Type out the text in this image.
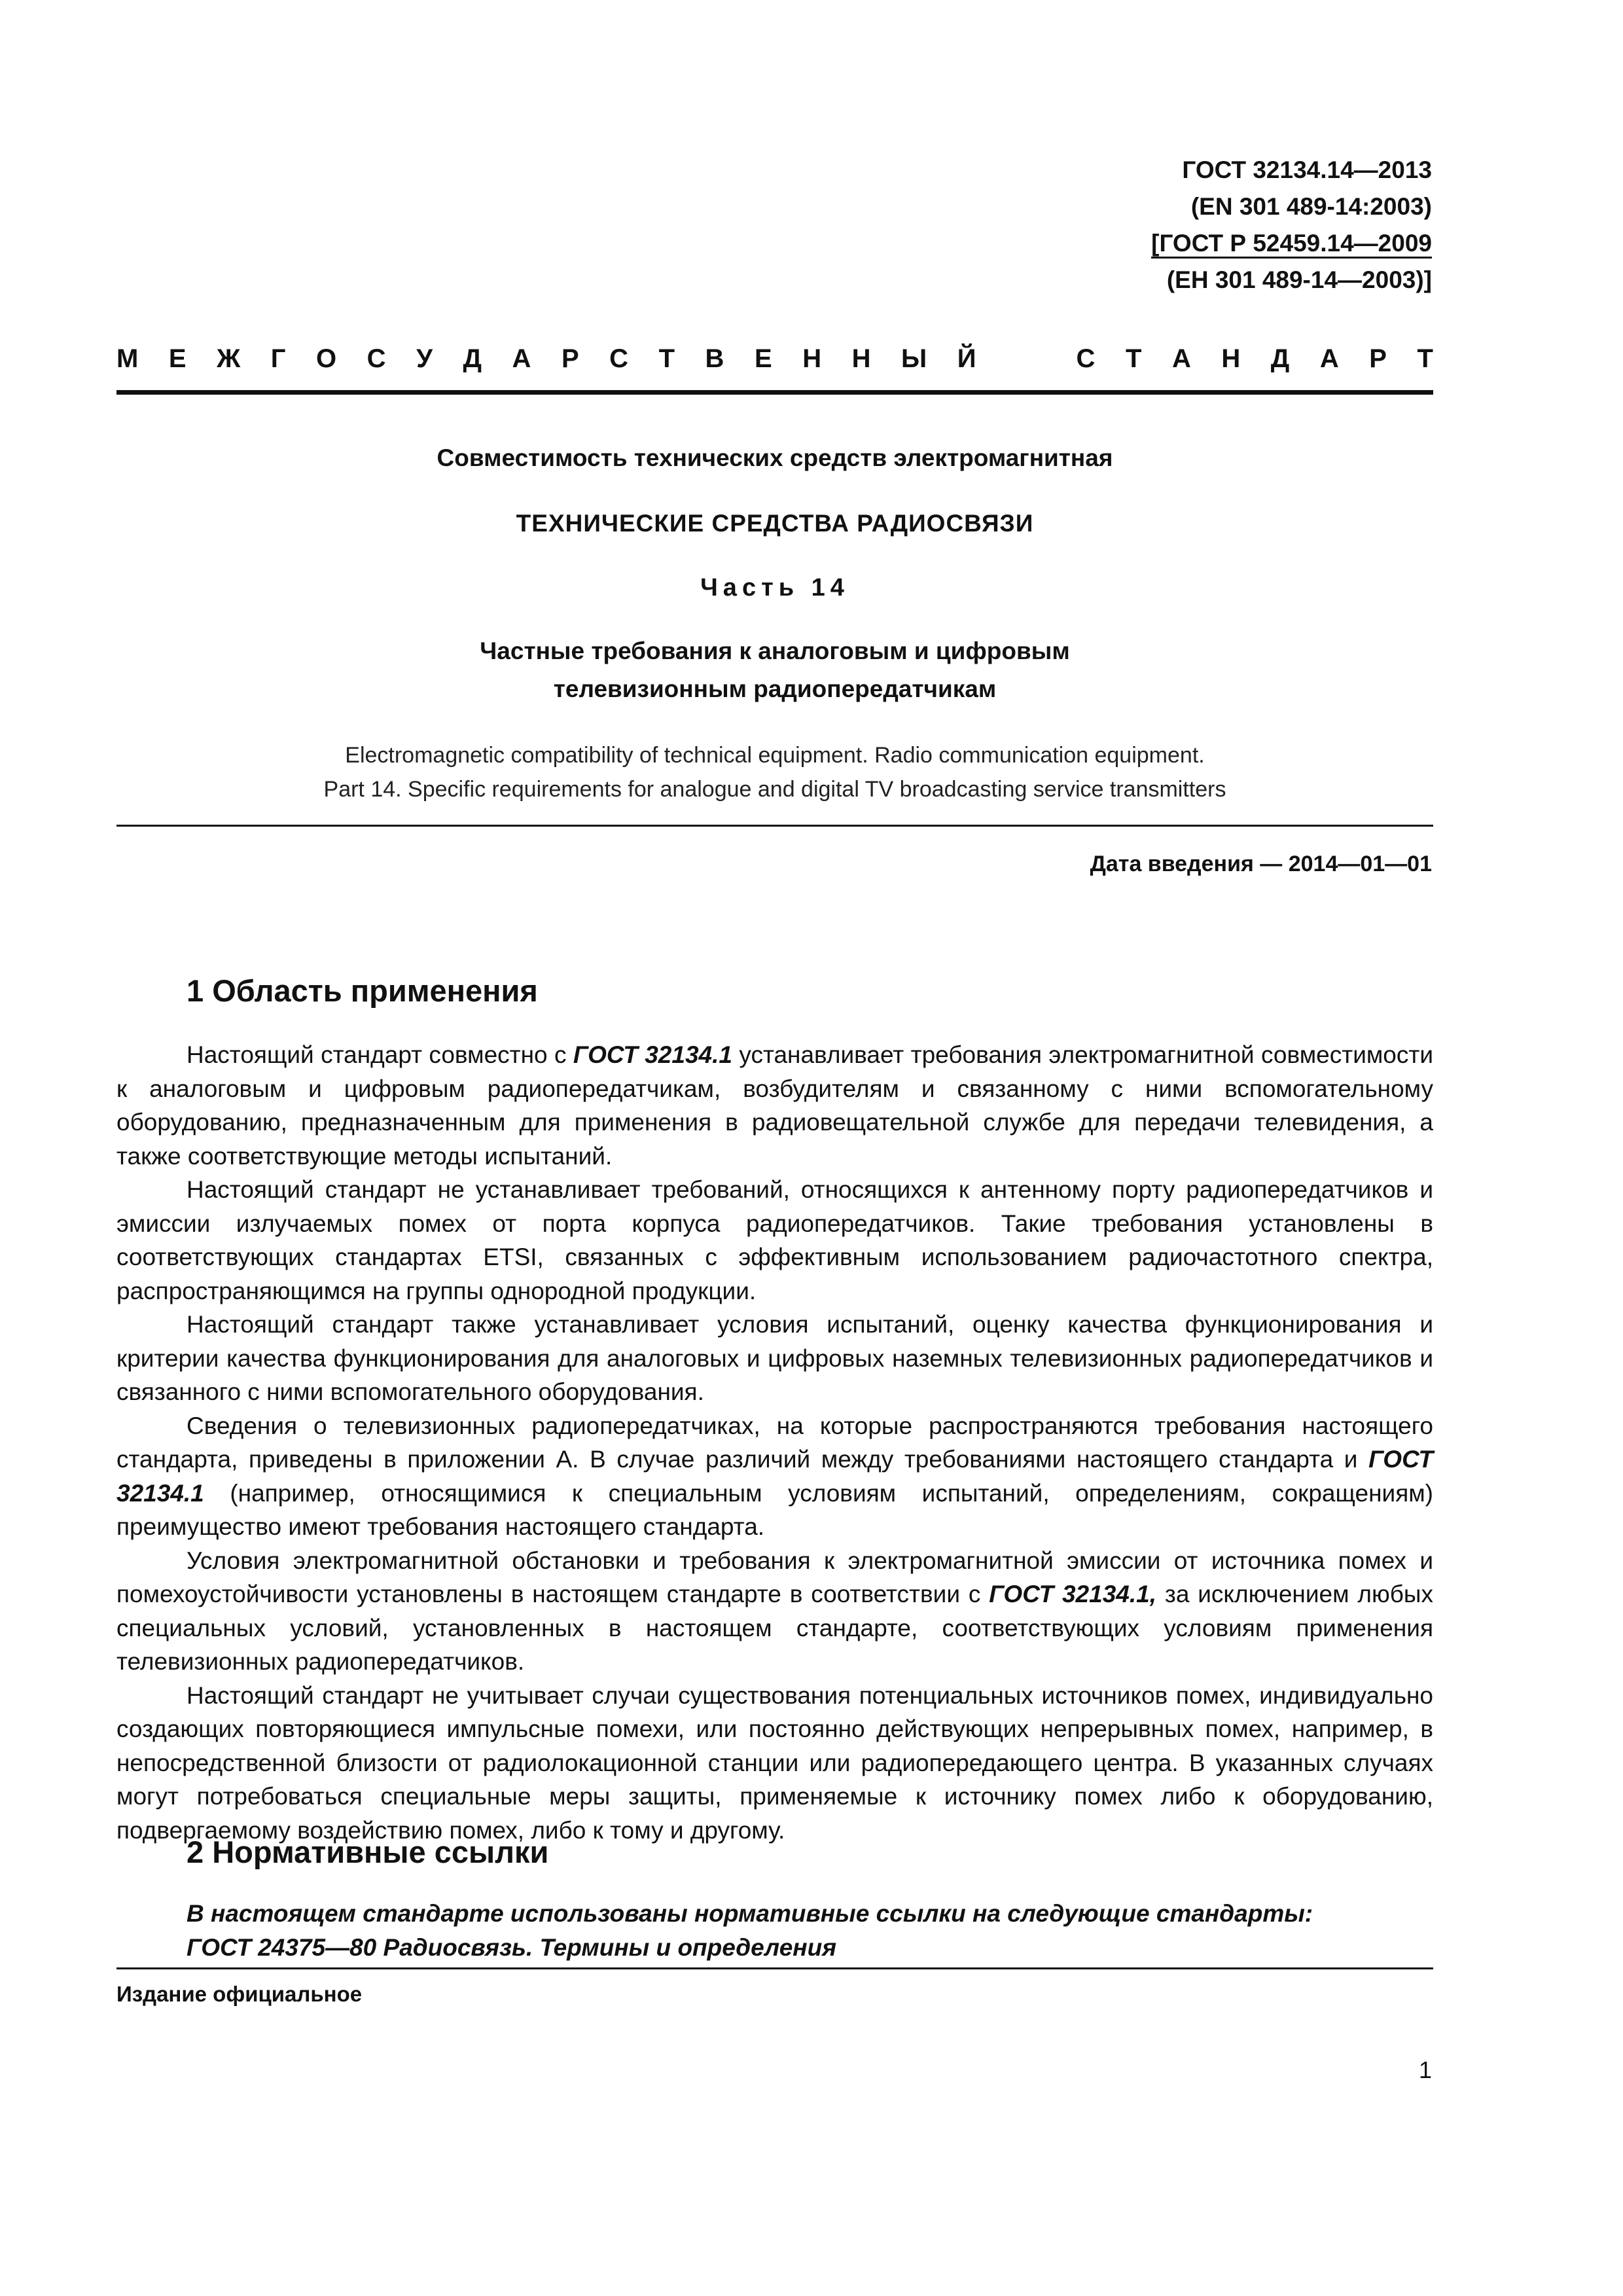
ГОСТ 32134.14—2013
(EN 301 489-14:2003)
[ГОСТ Р 52459.14—2009
(ЕН 301 489-14—2003)]
М Е Ж Г О С У Д А Р С Т В Е Н Н Ы Й	С Т А Н Д А Р Т
Совместимость технических средств электромагнитная
ТЕХНИЧЕСКИЕ СРЕДСТВА РАДИОСВЯЗИ
Часть 14
Частные требования к аналоговым и цифровым
телевизионным радиопередатчикам
Electromagnetic compatibility of technical equipment. Radio communication equipment.
Part 14. Specific requirements for analogue and digital TV broadcasting service transmitters
Дата введения — 2014—01—01
1 Область применения

Настоящий стандарт совместно с ГОСТ 32134.1 устанавливает требования электромагнитной совместимости к аналоговым и цифровым радиопередатчикам, возбудителям и связанному с ними вспомогательному оборудованию, предназначенным для применения в радиовещательной службе для передачи телевидения, а также соответствующие методы испытаний.

Настоящий стандарт не устанавливает требований, относящихся к антенному порту радиопередатчиков и эмиссии излучаемых помех от порта корпуса радиопередатчиков. Такие требования установлены в соответствующих стандартах ETSI, связанных с эффективным использованием радиочастотного спектра, распространяющимся на группы однородной продукции.

Настоящий стандарт также устанавливает условия испытаний, оценку качества функционирования и критерии качества функционирования для аналоговых и цифровых наземных телевизионных радиопередатчиков и связанного с ними вспомогательного оборудования.

Сведения о телевизионных радиопередатчиках, на которые распространяются требования настоящего стандарта, приведены в приложении А. В случае различий между требованиями настоящего стандарта и ГОСТ 32134.1 (например, относящимися к специальным условиям испытаний, определениям, сокращениям) преимущество имеют требования настоящего стандарта.

Условия электромагнитной обстановки и требования к электромагнитной эмиссии от источника помех и помехоустойчивости установлены в настоящем стандарте в соответствии с ГОСТ 32134.1, за исключением любых специальных условий, установленных в настоящем стандарте, соответствующих условиям применения телевизионных радиопередатчиков.

Настоящий стандарт не учитывает случаи существования потенциальных источников помех, индивидуально создающих повторяющиеся импульсные помехи, или постоянно действующих непрерывных помех, например, в непосредственной близости от радиолокационной станции или радиопередающего центра. В указанных случаях могут потребоваться специальные меры защиты, применяемые к источнику помех либо к оборудованию, подвергаемому воздействию помех, либо к тому и другому.

2 Нормативные ссылки

В настоящем стандарте использованы нормативные ссылки на следующие стандарты:

ГОСТ 24375—80 Радиосвязь. Термины и определения

Издание официальное
1
